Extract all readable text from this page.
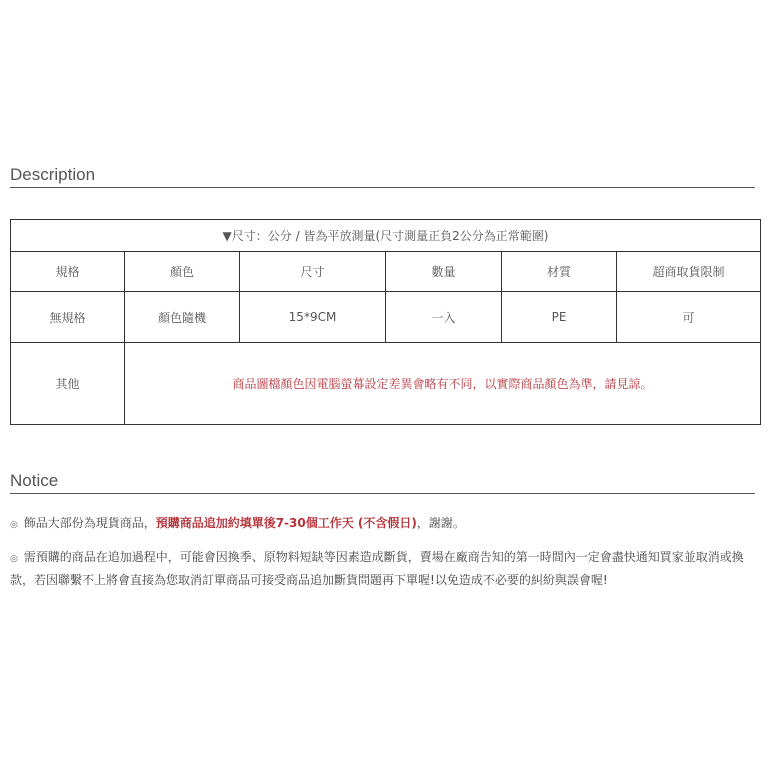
Description
▼尺寸：公分 / 皆為平放測量(尺寸測量正負2公分為正常範圍)					
規格	顏色	尺寸	數量	材質	超商取貨限制
無規格	顏色隨機	15*9CM	一入	PE	可
其他	商品圖檔顏色因電腦螢幕設定差異會略有不同，以實際商品顏色為準，請見諒。				
Notice
◎ 飾品大部份為現貨商品，預購商品追加約填單後7-30個工作天 (不含假日)，謝謝。
◎ 需預購的商品在追加過程中，可能會因換季、原物料短缺等因素造成斷貨，賣場在廠商告知的第一時間內一定會盡快通知買家並取消或換款，若因聯繫不上將會直接為您取消訂單商品可接受商品追加斷貨問題再下單喔!以免造成不必要的糾紛與誤會喔!
